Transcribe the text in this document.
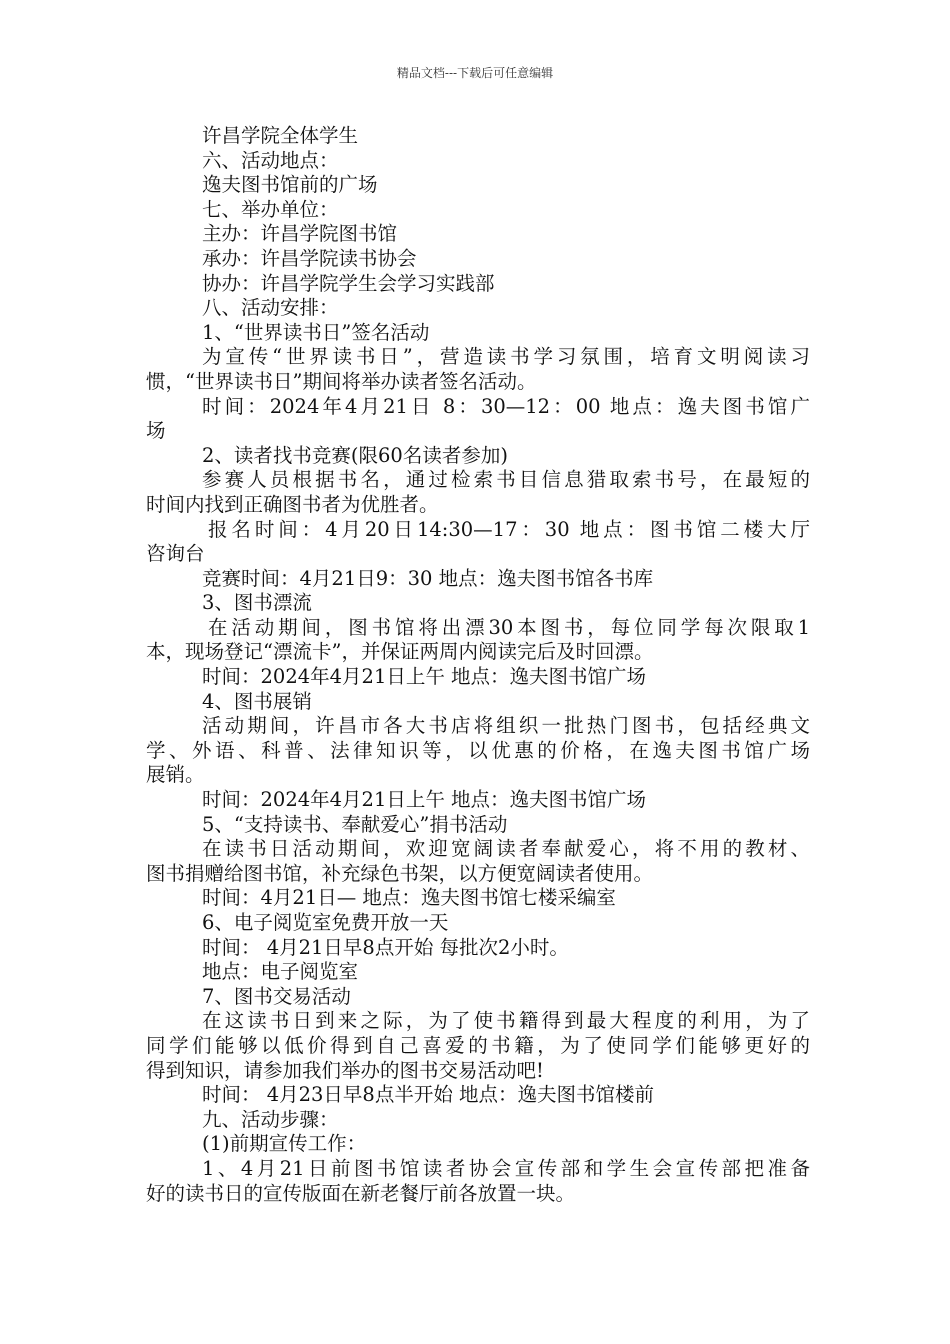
精品文档---下载后可任意编辑
许昌学院全体学生
六、活动地点：
逸夫图书馆前的广场
七、举办单位：
主办：许昌学院图书馆
承办：许昌学院读书协会
协办：许昌学院学生会学习实践部
八、活动安排：
1、“世界读书日”签名活动
为宣传“世界读书日”，营造读书学习氛围，培育文明阅读习
惯，“世界读书日”期间将举办读者签名活动。
时间：2024年4月21日 8：30—12：00 地点：逸夫图书馆广
场
2、读者找书竞赛(限60名读者参加)
参赛人员根据书名，通过检索书目信息猎取索书号，在最短的
时间内找到正确图书者为优胜者。
报名时间：4月20日14:30—17：30 地点：图书馆二楼大厅
咨询台
竞赛时间：4月21日9：30 地点：逸夫图书馆各书库
3、图书漂流
在活动期间，图书馆将出漂30本图书，每位同学每次限取1
本，现场登记“漂流卡”，并保证两周内阅读完后及时回漂。
时间：2024年4月21日上午 地点：逸夫图书馆广场
4、图书展销
活动期间，许昌市各大书店将组织一批热门图书，包括经典文
学、外语、科普、法律知识等，以优惠的价格，在逸夫图书馆广场
展销。
时间：2024年4月21日上午 地点：逸夫图书馆广场
5、“支持读书、奉献爱心”捐书活动
在读书日活动期间，欢迎宽阔读者奉献爱心，将不用的教材、
图书捐赠给图书馆，补充绿色书架，以方便宽阔读者使用。
时间：4月21日— 地点：逸夫图书馆七楼采编室
6、电子阅览室免费开放一天
时间： 4月21日早8点开始 每批次2小时。
地点：电子阅览室
7、图书交易活动
在这读书日到来之际，为了使书籍得到最大程度的利用，为了
同学们能够以低价得到自己喜爱的书籍，为了使同学们能够更好的
得到知识，请参加我们举办的图书交易活动吧!
时间： 4月23日早8点半开始 地点：逸夫图书馆楼前
九、活动步骤：
(1)前期宣传工作：
1、4月21日前图书馆读者协会宣传部和学生会宣传部把准备
好的读书日的宣传版面在新老餐厅前各放置一块。
